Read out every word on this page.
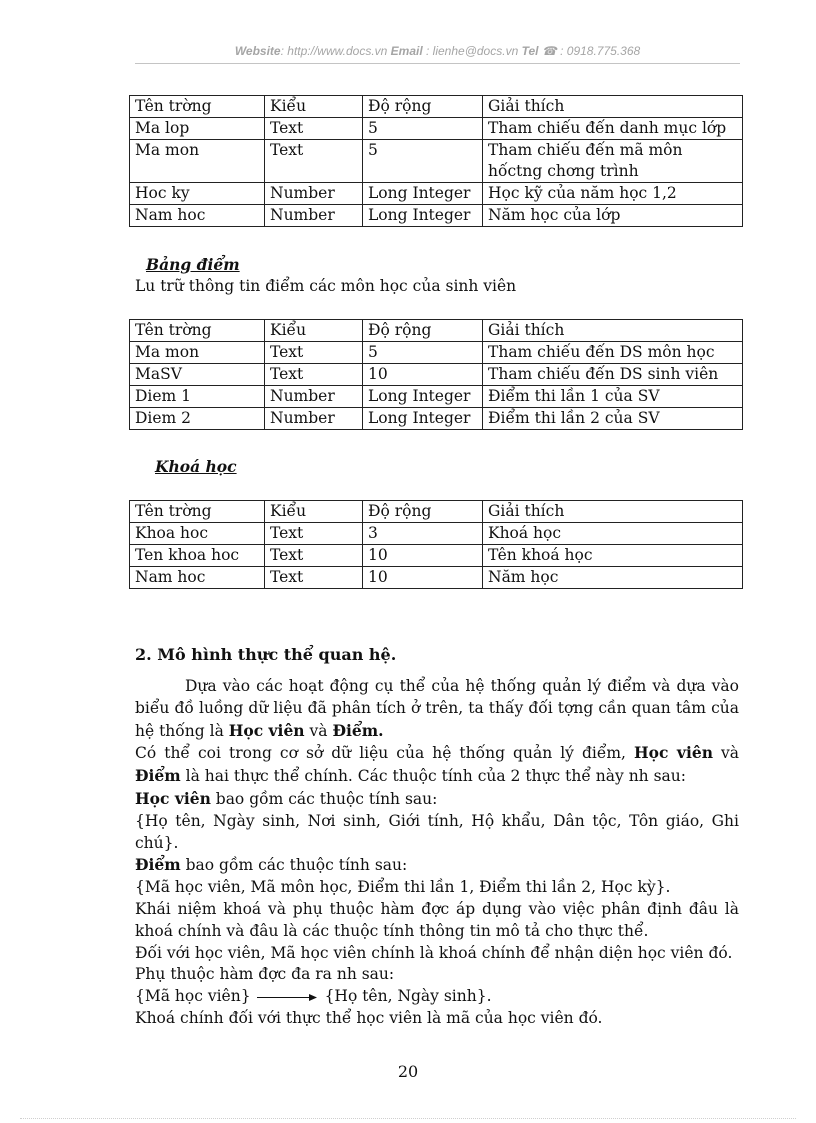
Website: http://www.docs.vn Email : lienhe@docs.vn Tel ☎ : 0918.775.368
Tên trờng	Kiểu	Độ rộng	Giải thích
Ma lop	Text	5	Tham chiếu đến danh mục lớp
Ma mon	Text	5	Tham chiếu đến mã môn hốctng chơng trình
Hoc ky	Number	Long Integer	Học kỹ của năm học 1,2
Nam hoc	Number	Long Integer	Năm học của lớp
Bảng điểm
Lu trữ thông tin điểm các môn học của sinh viên
Tên trờng	Kiểu	Độ rộng	Giải thích
Ma mon	Text	5	Tham chiếu đến DS môn học
MaSV	Text	10	Tham chiếu đến DS sinh viên
Diem 1	Number	Long Integer	Điểm thi lần 1 của SV
Diem 2	Number	Long Integer	Điểm thi lần 2 của SV
Khoá học
Tên trờng	Kiểu	Độ rộng	Giải thích
Khoa hoc	Text	3	Khoá học
Ten khoa hoc	Text	10	Tên khoá học
Nam hoc	Text	10	Năm học
2. Mô hình thực thể quan hệ.

Dựa vào các hoạt động cụ thể của hệ thống quản lý điểm và dựa vào biểu đồ luồng dữ liệu đã phân tích ở trên, ta thấy đối tợng cần quan tâm của hệ thống là Học viên và Điểm.

Có thể coi trong cơ sở dữ liệu của hệ thống quản lý điểm, Học viên và Điểm là hai thực thể chính. Các thuộc tính của 2 thực thể này nh sau:

Học viên bao gồm các thuộc tính sau:

{Họ tên, Ngày sinh, Nơi sinh, Giới tính, Hộ khẩu, Dân tộc, Tôn giáo, Ghi chú}.

Điểm bao gồm các thuộc tính sau:

{Mã học viên, Mã môn học, Điểm thi lần 1, Điểm thi lần 2, Học kỳ}.

Khái niệm khoá và phụ thuộc hàm đợc áp dụng vào việc phân định đâu là khoá chính và đâu là các thuộc tính thông tin mô tả cho thực thể.

Đối với học viên, Mã học viên chính là khoá chính để nhận diện học viên đó.

Phụ thuộc hàm đợc đa ra nh sau:

{Mã học viên}	{Họ tên, Ngày sinh}.

Khoá chính đối với thực thể học viên là mã của học viên đó.

20
